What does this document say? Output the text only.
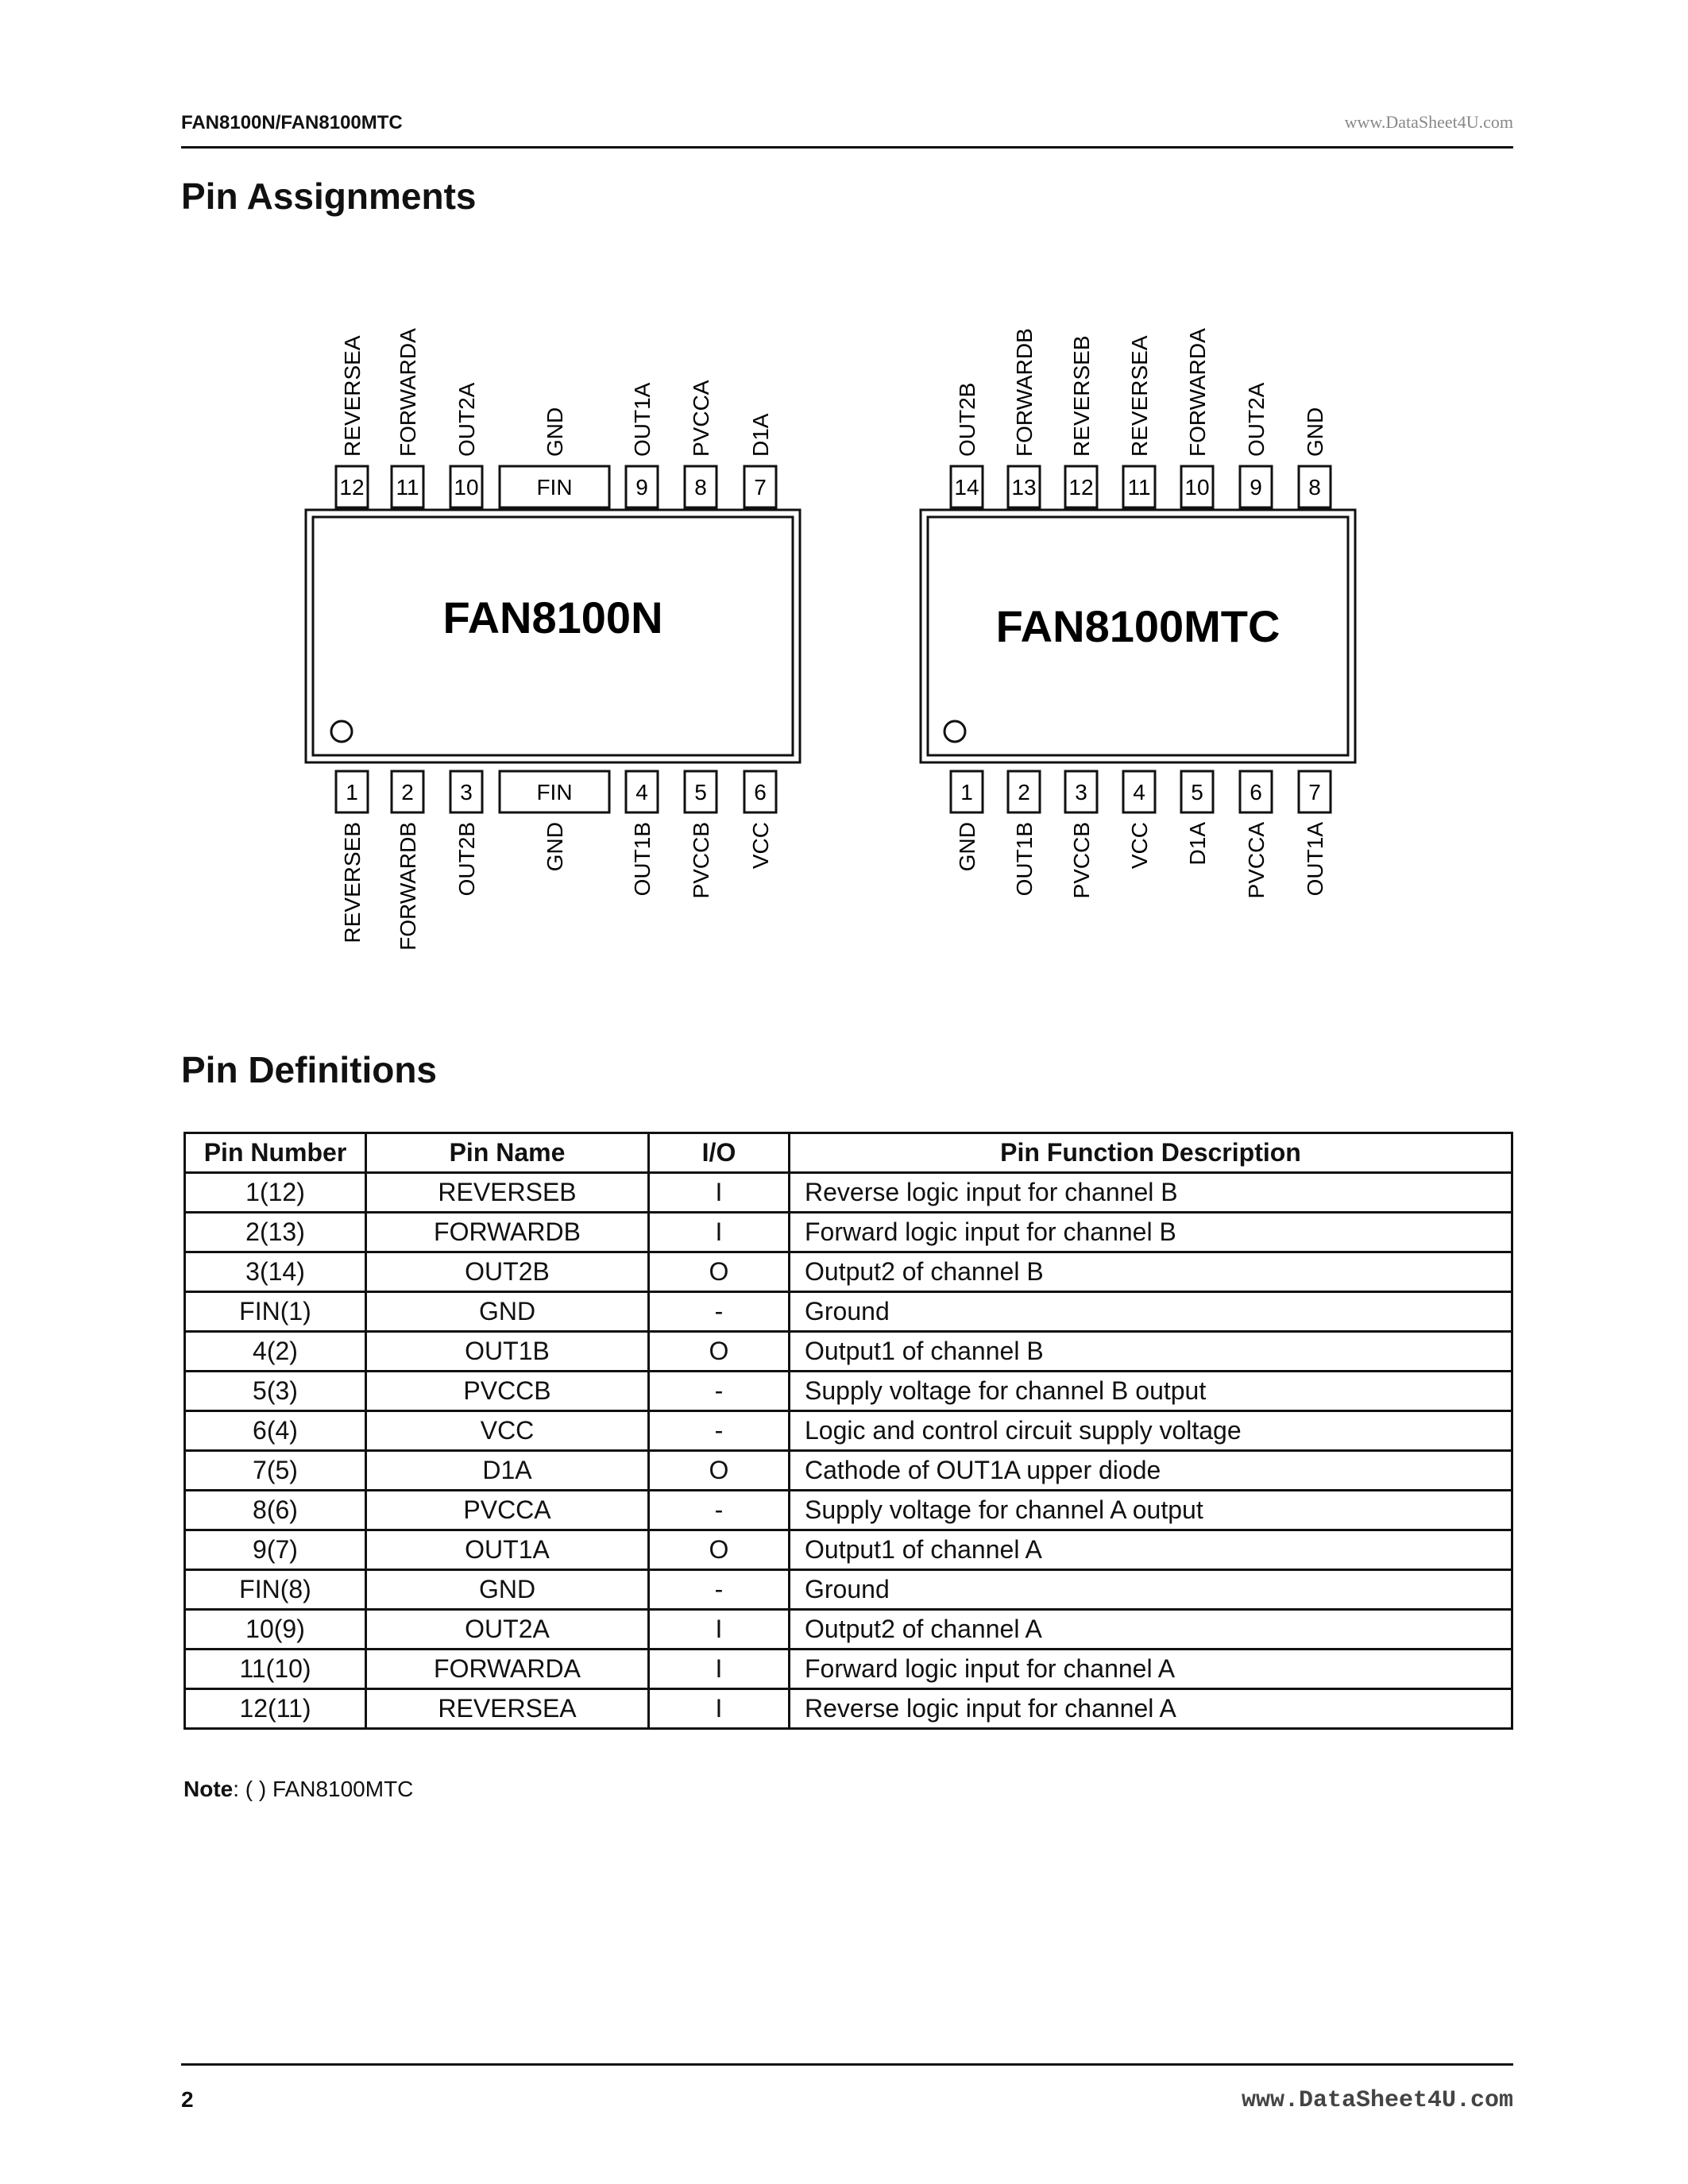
FAN8100N/FAN8100MTC	www.DataSheet4U.com
Pin Assignments
FAN8100N
12
REVERSEA
11
FORWARDA
10
OUT2A
FIN
GND
9
OUT1A
8
PVCCA
7
D1A
1
REVERSEB
2
FORWARDB
3
OUT2B
FIN
GND
4
OUT1B
5
PVCCB
6
VCC
FAN8100MTC
14
OUT2B
13
FORWARDB
12
REVERSEB
11
REVERSEA
10
FORWARDA
9
OUT2A
8
GND
1
GND
2
OUT1B
3
PVCCB
4
VCC
5
D1A
6
PVCCA
7
OUT1A
Pin Definitions
Pin Number	Pin Name	I/O	Pin Function Description
1(12)	REVERSEB	I	Reverse logic input for channel B
2(13)	FORWARDB	I	Forward logic input for channel B
3(14)	OUT2B	O	Output2 of channel B
FIN(1)	GND	-	Ground
4(2)	OUT1B	O	Output1 of channel B
5(3)	PVCCB	-	Supply voltage for channel B output
6(4)	VCC	-	Logic and control circuit supply voltage
7(5)	D1A	O	Cathode of OUT1A upper diode
8(6)	PVCCA	-	Supply voltage for channel A output
9(7)	OUT1A	O	Output1 of channel A
FIN(8)	GND	-	Ground
10(9)	OUT2A	I	Output2 of channel A
11(10)	FORWARDA	I	Forward logic input for channel A
12(11)	REVERSEA	I	Reverse logic input for channel A
Note: ( ) FAN8100MTC
2	www.DataSheet4U.com
